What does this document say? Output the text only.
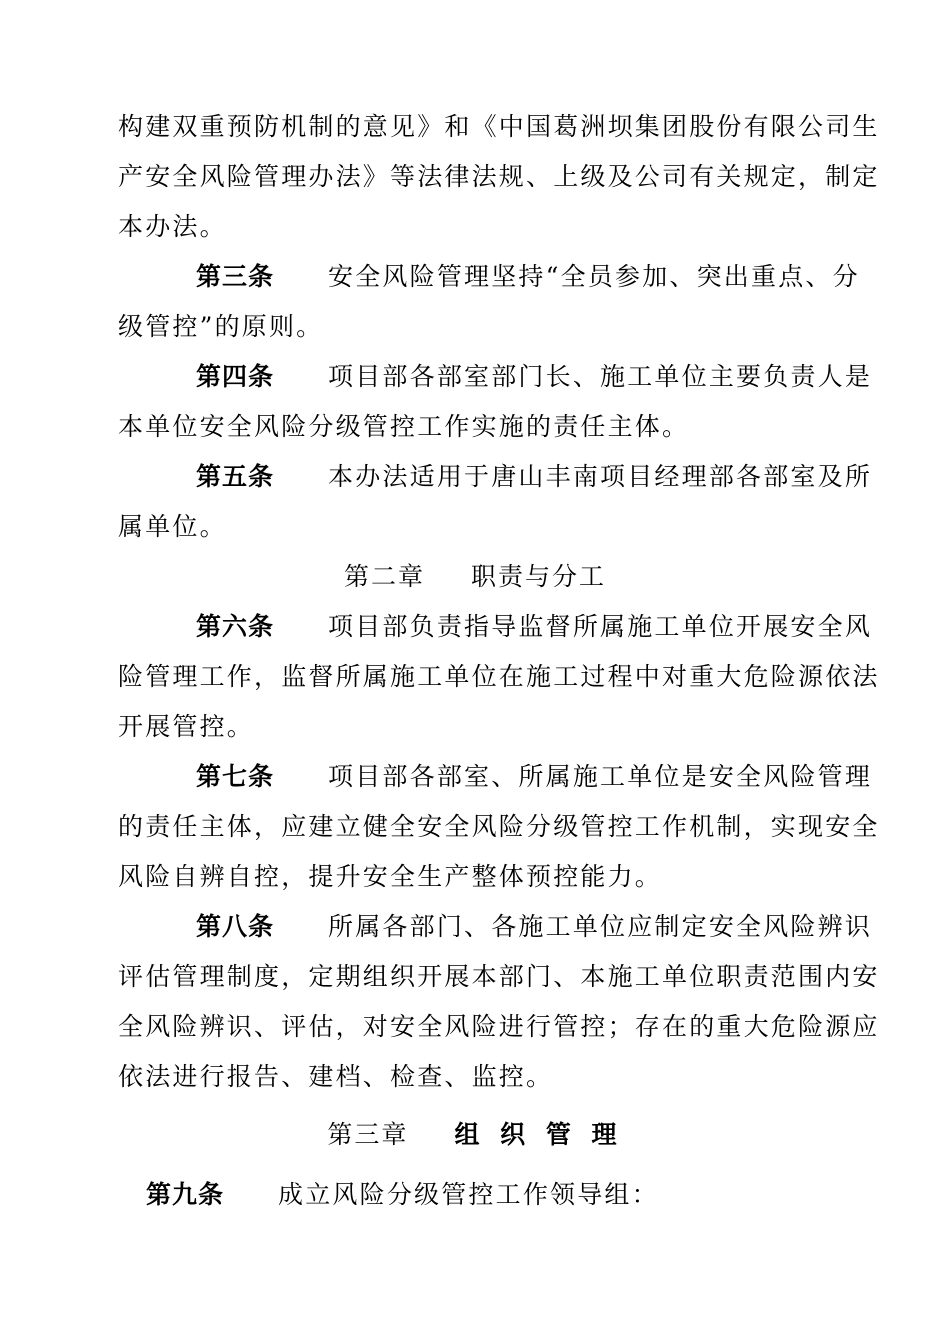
构建双重预防机制的意见》和《中国葛洲坝集团股份有限公司生
产安全风险管理办法》等法律法规、上级及公司有关规定，制定
本办法。
第三条 安全风险管理坚持“全员参加、突出重点、分
级管控”的原则。
第四条 项目部各部室部门长、施工单位主要负责人是
本单位安全风险分级管控工作实施的责任主体。
第五条 本办法适用于唐山丰南项目经理部各部室及所
属单位。
第二章 职责与分工
第六条 项目部负责指导监督所属施工单位开展安全风
险管理工作，监督所属施工单位在施工过程中对重大危险源依法
开展管控。
第七条 项目部各部室、所属施工单位是安全风险管理
的责任主体，应建立健全安全风险分级管控工作机制，实现安全
风险自辨自控，提升安全生产整体预控能力。
第八条 所属各部门、各施工单位应制定安全风险辨识
评估管理制度，定期组织开展本部门、本施工单位职责范围内安
全风险辨识、评估，对安全风险进行管控；存在的重大危险源应
依法进行报告、建档、检查、监控。
第三章 组 织 管 理
第九条 成立风险分级管控工作领导组：
